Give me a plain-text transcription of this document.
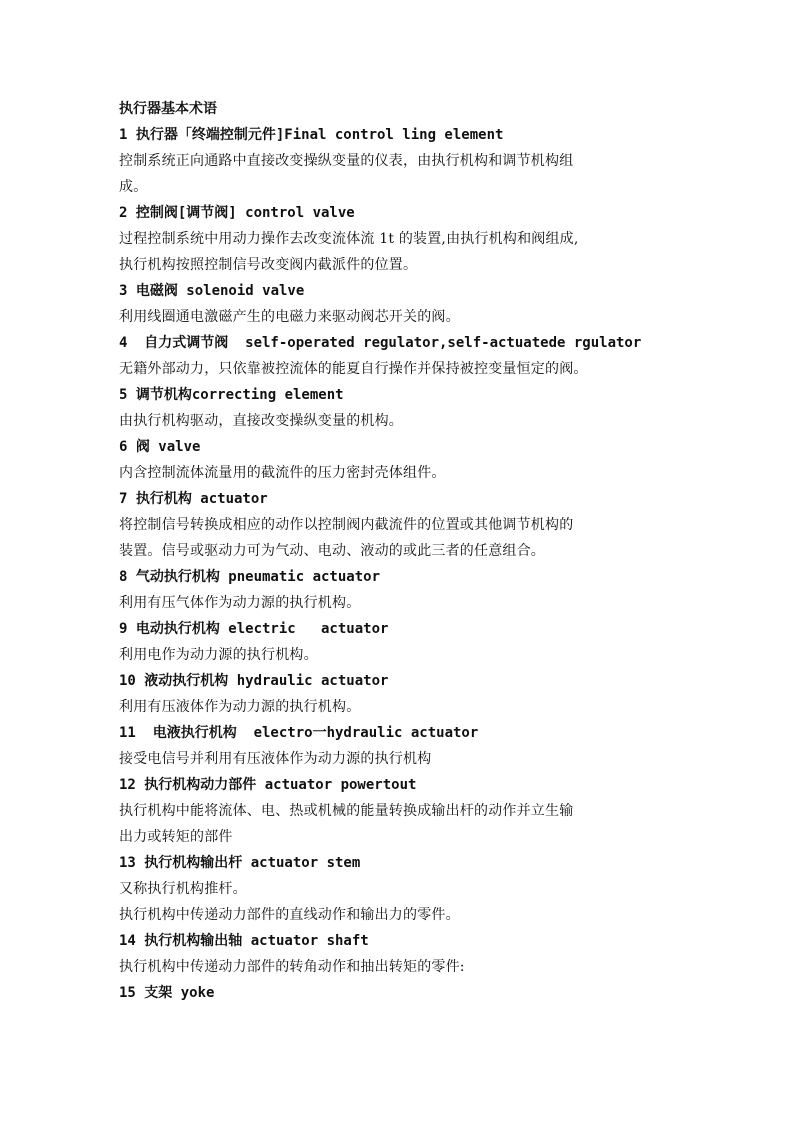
执行器基本术语
1 执行器「终端控制元件]Final control ling element
控制系统正向通路中直接改变操纵变量的仪表，由执行机构和调节机构组
成。
2 控制阀[调节阀] control valve
过程控制系统中用动力操作去改变流体流 1t 的装置,由执行机构和阀组成,
执行机构按照控制信号改变阀内截派件的位置。
3 电磁阀 solenoid valve
利用线圈通电激磁产生的电磁力来驱动阀芯开关的阀。
4  自力式调节阀  self-operated regulator,self-actuatede rgulator
无籍外部动力，只依靠被控流体的能夏自行操作并保持被控变量恒定的阀。
5 调节机构correcting element
由执行机构驱动，直接改变操纵变量的机构。
6 阀 valve
内含控制流体流量用的截流件的压力密封壳体组件。
7 执行机构 actuator
将控制信号转换成相应的动作以控制阀内截流件的位置或其他调节机构的
装置。信号或驱动力可为气动、电动、液动的或此三者的任意组合。
8 气动执行机构 pneumatic actuator
利用有压气体作为动力源的执行机构。
9 电动执行机构 electric   actuator
利用电作为动力源的执行机构。
10 液动执行机构 hydraulic actuator
利用有压液体作为动力源的执行机构。
11  电液执行机构  electro一hydraulic actuator
接受电信号并利用有压液体作为动力源的执行机构
12 执行机构动力部件 actuator powertout
执行机构中能将流体、电、热或机械的能量转换成输出杆的动作并立生输
出力或转矩的部件
13 执行机构输出杆 actuator stem
又称执行机构推杆。
执行机构中传递动力部件的直线动作和输出力的零件。
14 执行机构输出轴 actuator shaft
执行机构中传递动力部件的转角动作和抽出转矩的零件:
15 支架 yoke
